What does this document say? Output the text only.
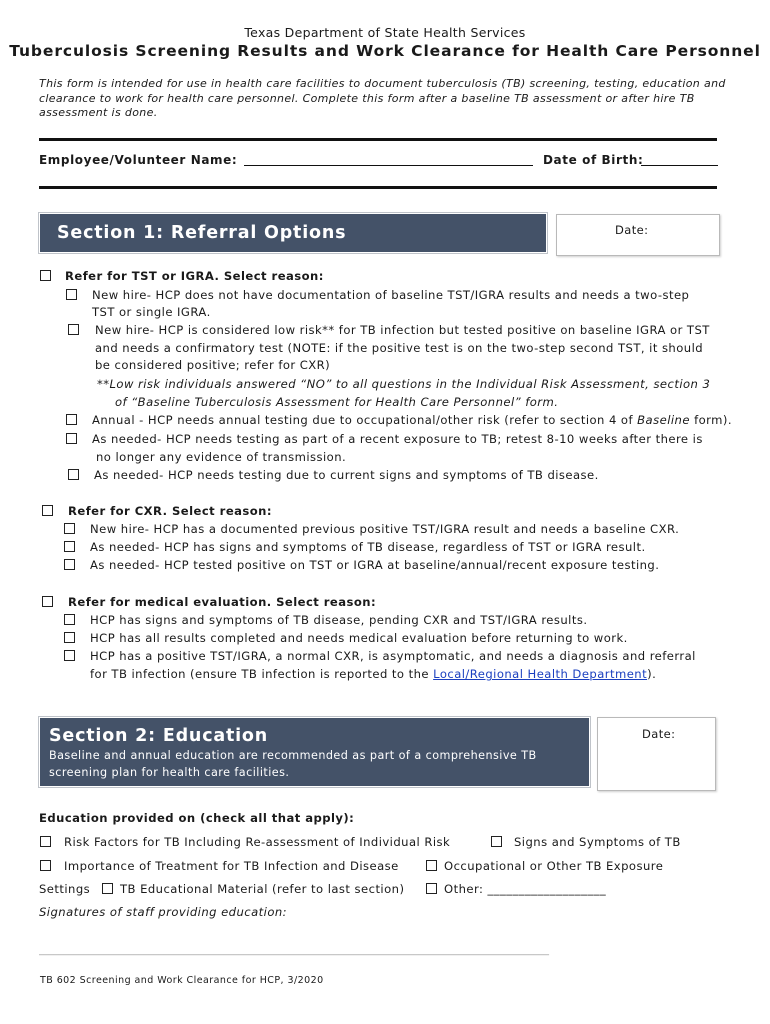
Texas Department of State Health Services
Tuberculosis Screening Results and Work Clearance for Health Care Personnel
This form is intended for use in health care facilities to document tuberculosis (TB) screening, testing, education and clearance to work for health care personnel. Complete this form after a baseline TB assessment or after hire TB assessment is done.
Employee/Volunteer Name:	Date of Birth:
Section 1: Referral Options	Date:
Refer for TST or IGRA. Select reason:
New hire- HCP does not have documentation of baseline TST/IGRA results and needs a two-step
TST or single IGRA.
New hire- HCP is considered low risk** for TB infection but tested positive on baseline IGRA or TST
and needs a confirmatory test (NOTE: if the positive test is on the two-step second TST, it should
be considered positive; refer for CXR)
**Low risk individuals answered “NO” to all questions in the Individual Risk Assessment, section 3
of “Baseline Tuberculosis Assessment for Health Care Personnel” form.
Annual - HCP needs annual testing due to occupational/other risk (refer to section 4 of Baseline form).
As needed- HCP needs testing as part of a recent exposure to TB; retest 8-10 weeks after there is
no longer any evidence of transmission.
As needed- HCP needs testing due to current signs and symptoms of TB disease.
Refer for CXR. Select reason:
New hire- HCP has a documented previous positive TST/IGRA result and needs a baseline CXR.
As needed- HCP has signs and symptoms of TB disease, regardless of TST or IGRA result.
As needed- HCP tested positive on TST or IGRA at baseline/annual/recent exposure testing.
Refer for medical evaluation. Select reason:
HCP has signs and symptoms of TB disease, pending CXR and TST/IGRA results.
HCP has all results completed and needs medical evaluation before returning to work.
HCP has a positive TST/IGRA, a normal CXR, is asymptomatic, and needs a diagnosis and referral
for TB infection (ensure TB infection is reported to the Local/Regional Health Department).
Section 2: Education
Baseline and annual education are recommended as part of a comprehensive TB
screening plan for health care facilities.
Date:
Education provided on (check all that apply):
Risk Factors for TB Including Re-assessment of Individual Risk	Signs and Symptoms of TB
Importance of Treatment for TB Infection and Disease	Occupational or Other TB Exposure
Settings	TB Educational Material (refer to last section)	Other: ___________________
Signatures of staff providing education:
______________________________________________________________________________________________________
TB 602 Screening and Work Clearance for HCP, 3/2020
